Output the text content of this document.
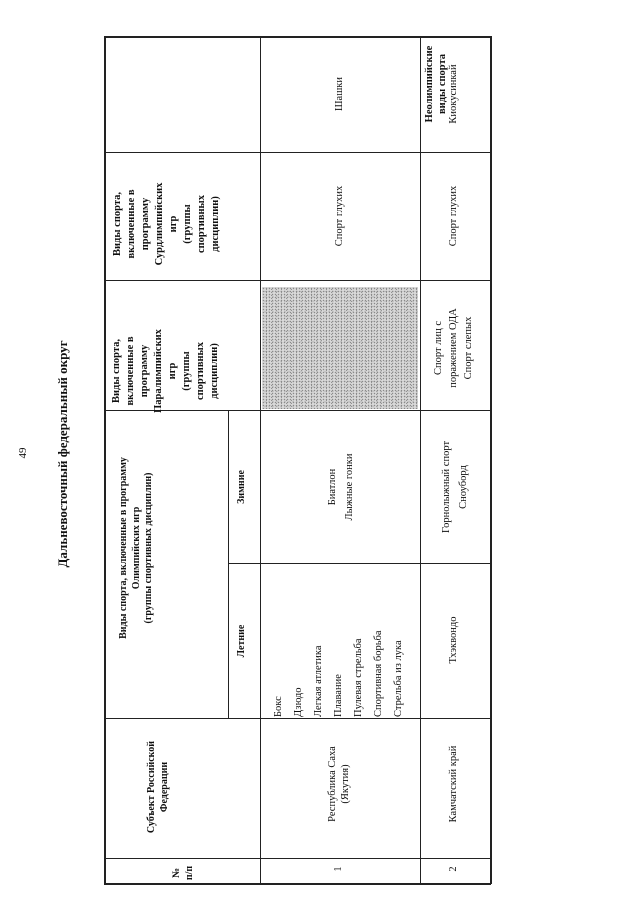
49 Дальневосточный федеральный округ
№
п/п
Субъект Российской
Федерации
Виды спорта, включенные в программу
Олимпийских игр
(группы спортивных дисциплин)
Летние
Зимние
Виды спорта,
включенные в
программу
Паралимпийских
игр
(группы
спортивных
дисциплин)
Виды спорта,
включенные в
программу
Сурдлимпийских
игр
(группы
спортивных
дисциплин)
Неолимпийские
виды спорта
1
Республика Саха
(Якутия)
Бокс
Дзюдо
Легкая атлетика
Плавание
Пулевая стрельба
Спортивная борьба
Стрельба из лука
Биатлон
Лыжные гонки
Спорт глухих
Шашки
2
Камчатский край
Тхэквондо
Горнолыжный спорт
Сноуборд
Спорт лиц с
поражением ОДА
Спорт слепых
Спорт глухих
Киокусинкай
